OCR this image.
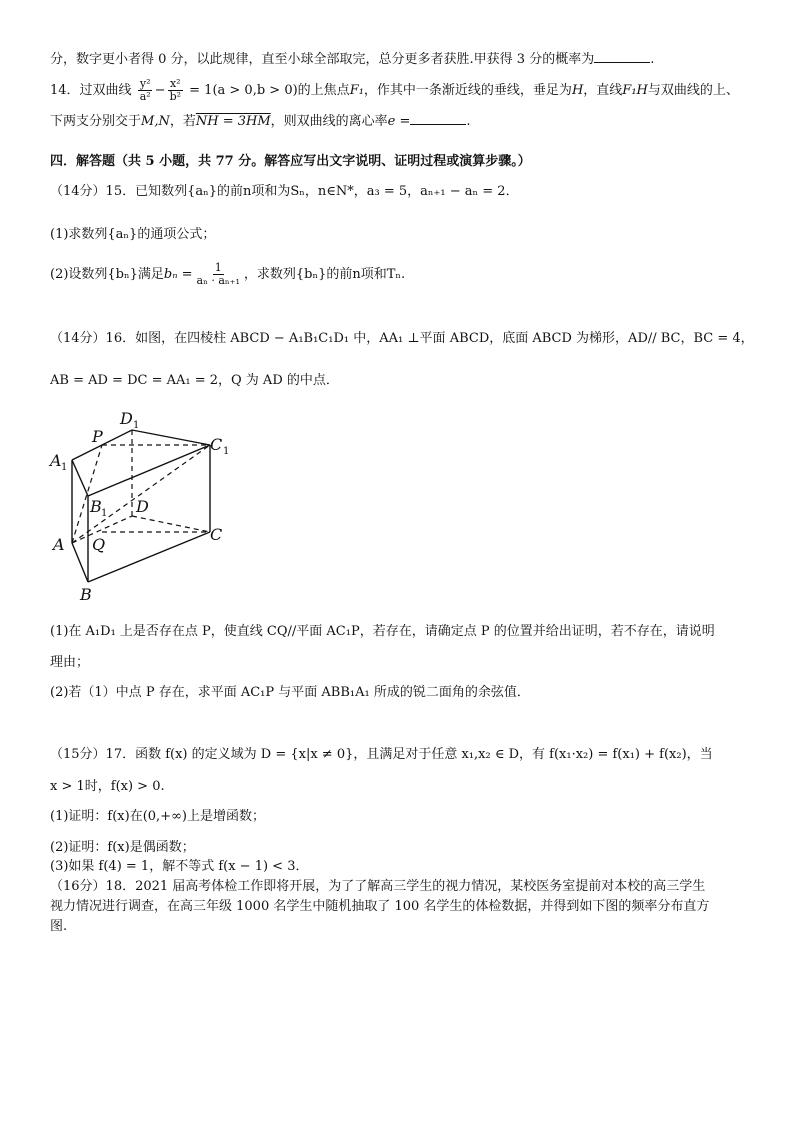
分，数字更小者得 0 分，以此规律，直至小球全部取完，总分更多者获胜.甲获得 3 分的概率为	.
14．过双曲线 $\frac{\text{y²}}{\text{a²}} - \frac{\text{x²}}{\text{b²}} = 1(a > 0,b > 0)$的上焦点F₁，作其中一条渐近线的垂线，垂足为H，直线F₁H与双曲线的上、
下两支分别交于M,N，若NH = 3HM，则双曲线的离心率e =	.
四．解答题（共 5 小题，共 77 分。解答应写出文字说明、证明过程或演算步骤。）
（14分）15．已知数列{aₙ}的前n项和为Sₙ，n∈N*，a₃ = 5，aₙ₊₁ − aₙ = 2．
(1)求数列{aₙ}的通项公式；
(2)设数列{bₙ}满足$b_n = \frac{1}{\text{aₙ · aₙ₊₁}}$ ，求数列{bₙ}的前n项和Tₙ.
（14分）16．如图，在四棱柱 ABCD − A₁B₁C₁D₁ 中，AA₁ ⊥平面 ABCD，底面 ABCD 为梯形，AD// BC，BC = 4，
AB = AD = DC = AA₁ = 2，Q 为 AD 的中点．
D 1
P	C 1
A 1
B 1 D
A Q
C
B
(1)在 A₁D₁ 上是否存在点 P，使直线 CQ//平面 AC₁P，若存在，请确定点 P 的位置并给出证明，若不存在，请说明
理由；
(2)若（1）中点 P 存在，求平面 AC₁P 与平面 ABB₁A₁ 所成的锐二面角的余弦值．
（15分）17．函数 f(x) 的定义域为 D = {x|x ≠ 0}，且满足对于任意 x₁,x₂ ∈ D，有 f(x₁·x₂) = f(x₁) + f(x₂)，当
x > 1时，f(x) > 0.
(1)证明：f(x)在(0,+∞)上是增函数；
(2)证明：f(x)是偶函数；
(3)如果 f(4) = 1，解不等式 f(x − 1) < 3．
（16分）18．2021 届高考体检工作即将开展，为了了解高三学生的视力情况，某校医务室提前对本校的高三学生
视力情况进行调查，在高三年级 1000 名学生中随机抽取了 100 名学生的体检数据，并得到如下图的频率分布直方
图.
